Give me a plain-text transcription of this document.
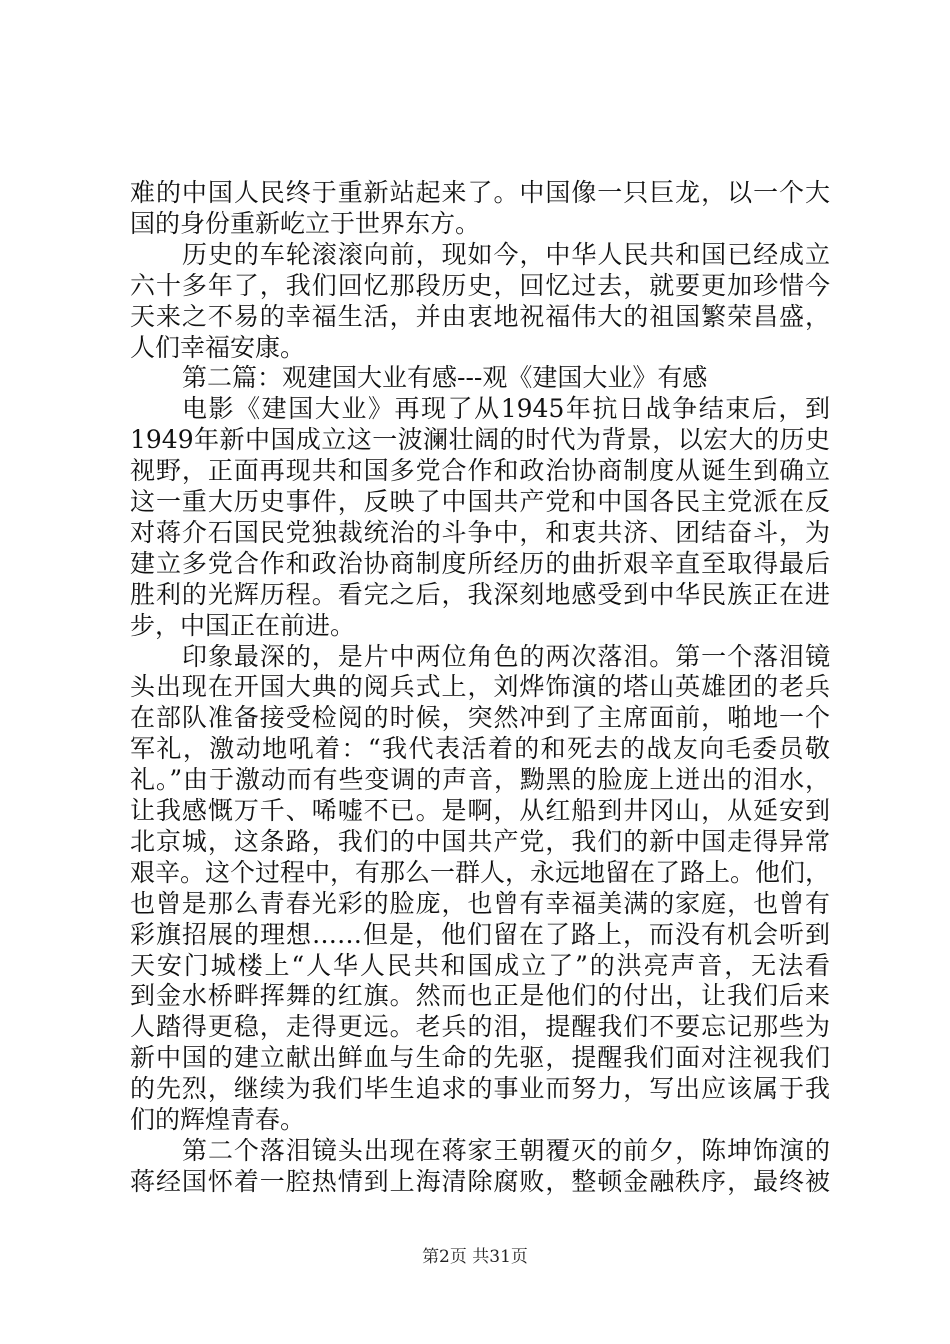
难的中国人民终于重新站起来了。中国像一只巨龙，以一个大
国的身份重新屹立于世界东方。
历史的车轮滚滚向前，现如今，中华人民共和国已经成立
六十多年了，我们回忆那段历史，回忆过去，就要更加珍惜今
天来之不易的幸福生活，并由衷地祝福伟大的祖国繁荣昌盛，
人们幸福安康。
第二篇：观建国大业有感---观《建国大业》有感
电影《建国大业》再现了从1945年抗日战争结束后，到
1949年新中国成立这一波澜壮阔的时代为背景，以宏大的历史
视野，正面再现共和国多党合作和政治协商制度从诞生到确立
这一重大历史事件，反映了中国共产党和中国各民主党派在反
对蒋介石国民党独裁统治的斗争中，和衷共济、团结奋斗，为
建立多党合作和政治协商制度所经历的曲折艰辛直至取得最后
胜利的光辉历程。看完之后，我深刻地感受到中华民族正在进
步，中国正在前进。
印象最深的，是片中两位角色的两次落泪。第一个落泪镜
头出现在开国大典的阅兵式上，刘烨饰演的塔山英雄团的老兵
在部队准备接受检阅的时候，突然冲到了主席面前，啪地一个
军礼，激动地吼着：“我代表活着的和死去的战友向毛委员敬
礼。”由于激动而有些变调的声音，黝黑的脸庞上迸出的泪水，
让我感慨万千、唏嘘不已。是啊，从红船到井冈山，从延安到
北京城，这条路，我们的中国共产党，我们的新中国走得异常
艰辛。这个过程中，有那么一群人，永远地留在了路上。他们，
也曾是那么青春光彩的脸庞，也曾有幸福美满的家庭，也曾有
彩旗招展的理想……但是，他们留在了路上，而没有机会听到
天安门城楼上“人华人民共和国成立了”的洪亮声音，无法看
到金水桥畔挥舞的红旗。然而也正是他们的付出，让我们后来
人踏得更稳，走得更远。老兵的泪，提醒我们不要忘记那些为
新中国的建立献出鲜血与生命的先驱，提醒我们面对注视我们
的先烈，继续为我们毕生追求的事业而努力，写出应该属于我
们的辉煌青春。
第二个落泪镜头出现在蒋家王朝覆灭的前夕，陈坤饰演的
蒋经国怀着一腔热情到上海清除腐败，整顿金融秩序，最终被
第2页 共31页
